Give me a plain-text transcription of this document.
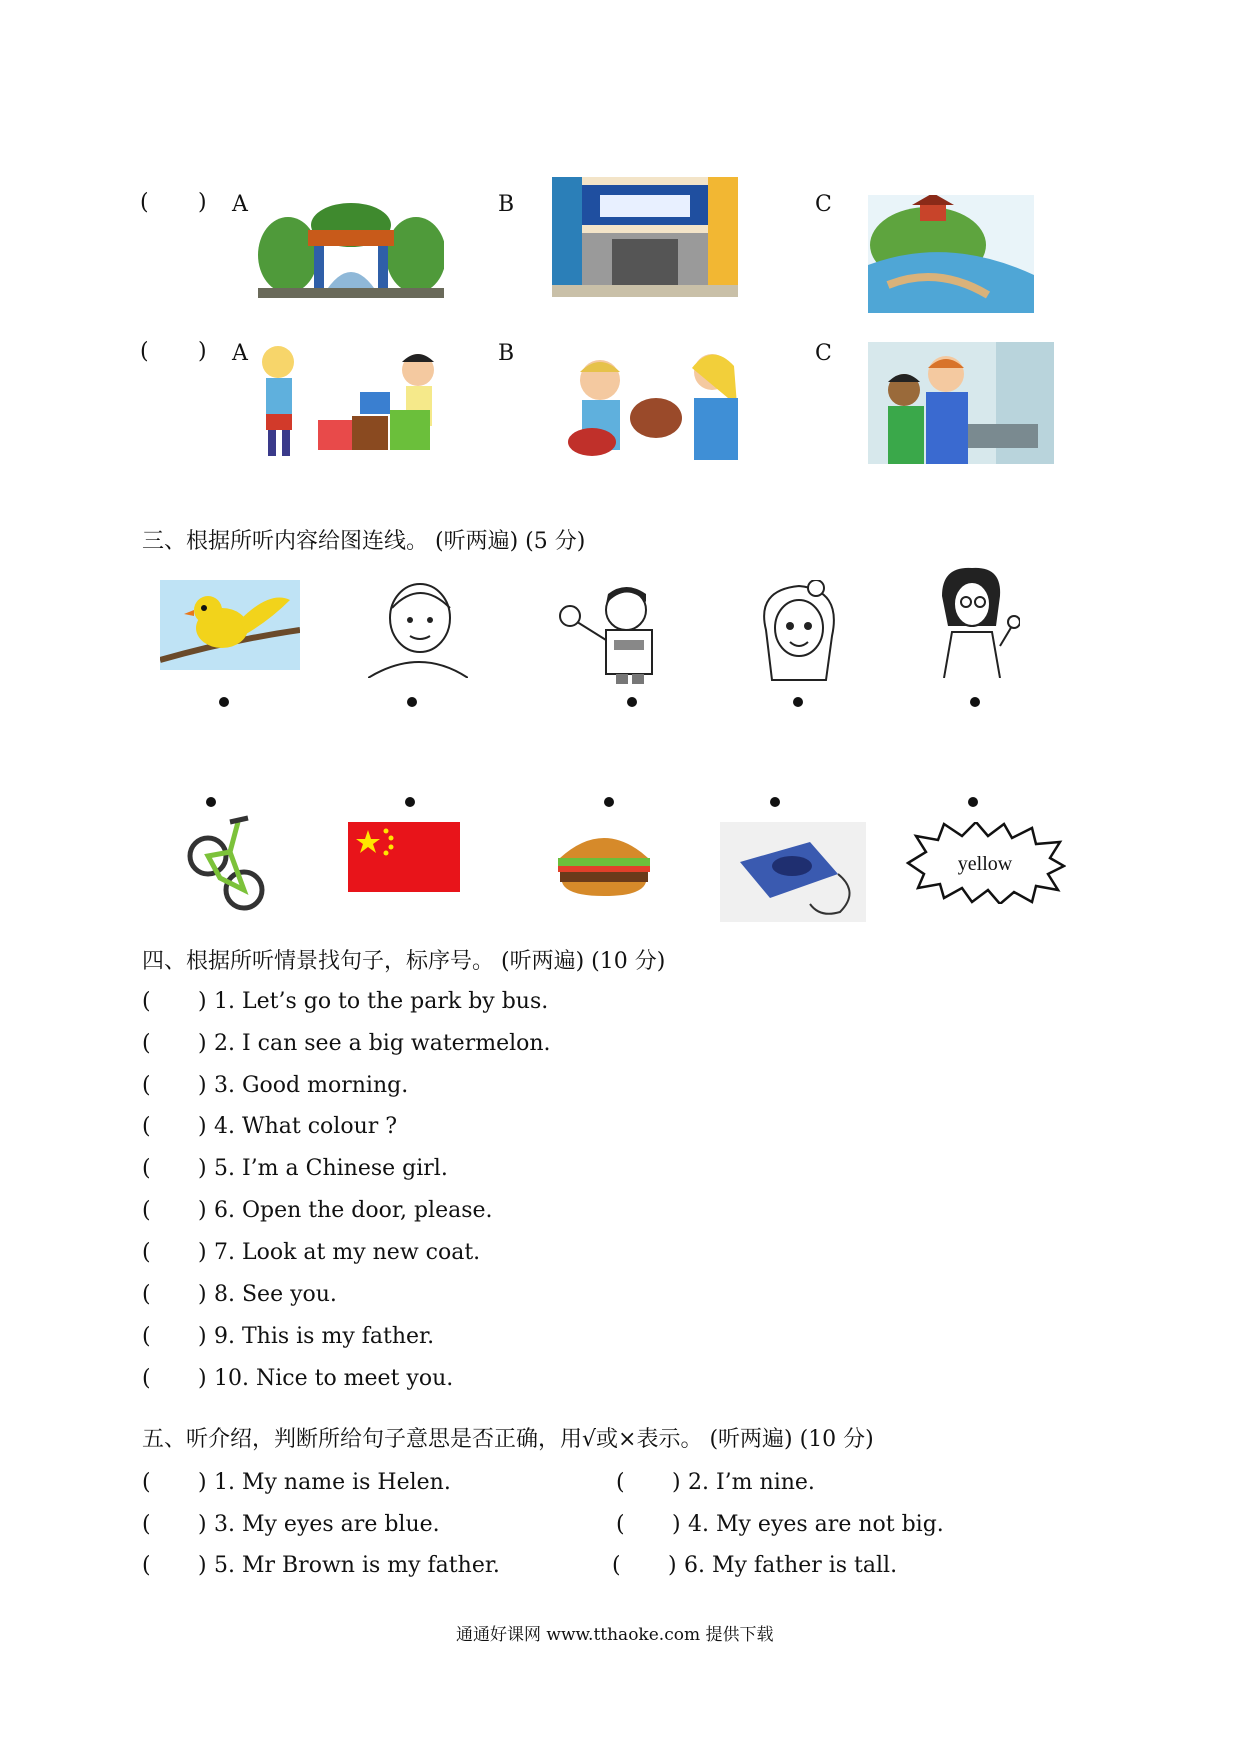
( ) A	B	C
( ) A	B	C
三、根据所听内容给图连线。 (听两遍) (5 分)
yellow
四、根据所听情景找句子，标序号。 (听两遍) (10 分)
( ) 1. Let’s go to the park by bus.
( ) 2. I can see a big watermelon.
( ) 3. Good morning.
( ) 4. What colour ?
( ) 5. I’m a Chinese girl.
( ) 6. Open the door, please.
( ) 7. Look at my new coat.
( ) 8. See you.
( ) 9. This is my father.
( ) 10. Nice to meet you.
五、听介绍，判断所给句子意思是否正确，用√或×表示。 (听两遍) (10 分)
( ) 1. My name is Helen.	( ) 2. I’m nine.
( ) 3. My eyes are blue.	( ) 4. My eyes are not big.
( ) 5. Mr Brown is my father.	( ) 6. My father is tall.
通通好课网 www.tthaoke.com 提供下载
